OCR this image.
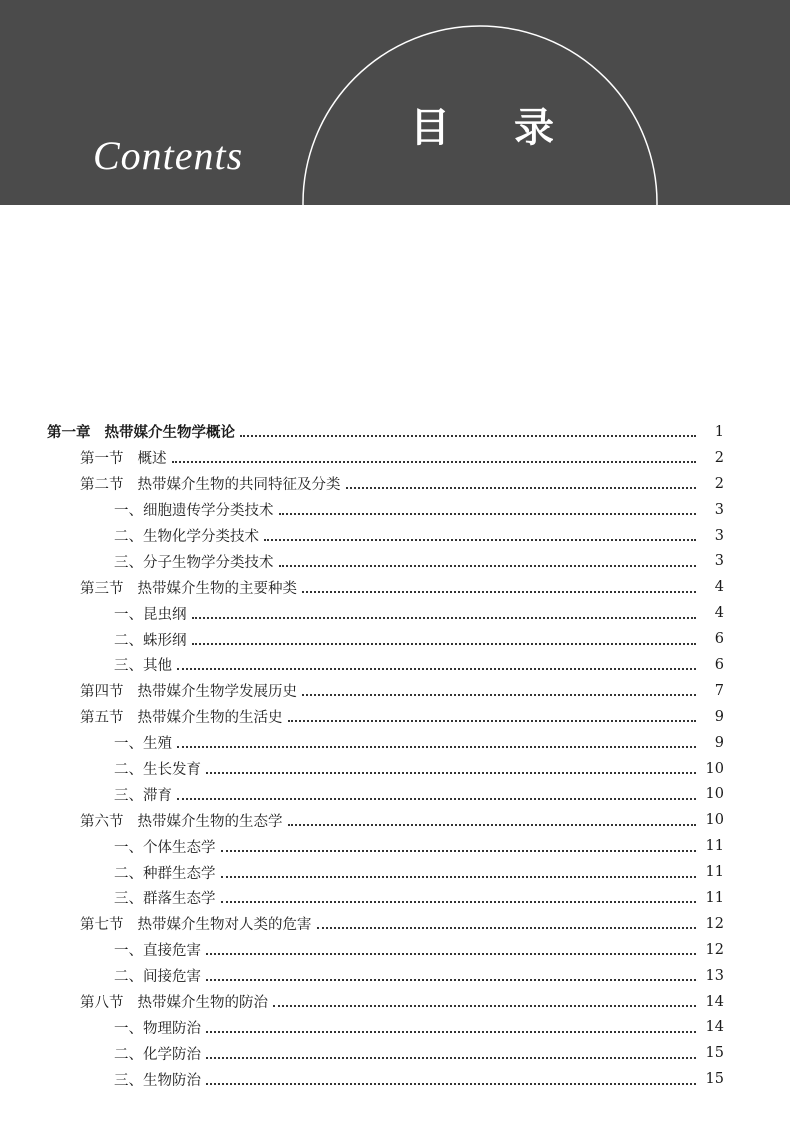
Contents
目 录
第一章 热带媒介生物学概论	1
第一节 概述	2
第二节 热带媒介生物的共同特征及分类	2
一、细胞遗传学分类技术	3
二、生物化学分类技术	3
三、分子生物学分类技术	3
第三节 热带媒介生物的主要种类	4
一、昆虫纲	4
二、蛛形纲	6
三、其他	6
第四节 热带媒介生物学发展历史	7
第五节 热带媒介生物的生活史	9
一、生殖	9
二、生长发育	10
三、滞育	10
第六节 热带媒介生物的生态学	10
一、个体生态学	11
二、种群生态学	11
三、群落生态学	11
第七节 热带媒介生物对人类的危害	12
一、直接危害	12
二、间接危害	13
第八节 热带媒介生物的防治	14
一、物理防治	14
二、化学防治	15
三、生物防治	15
